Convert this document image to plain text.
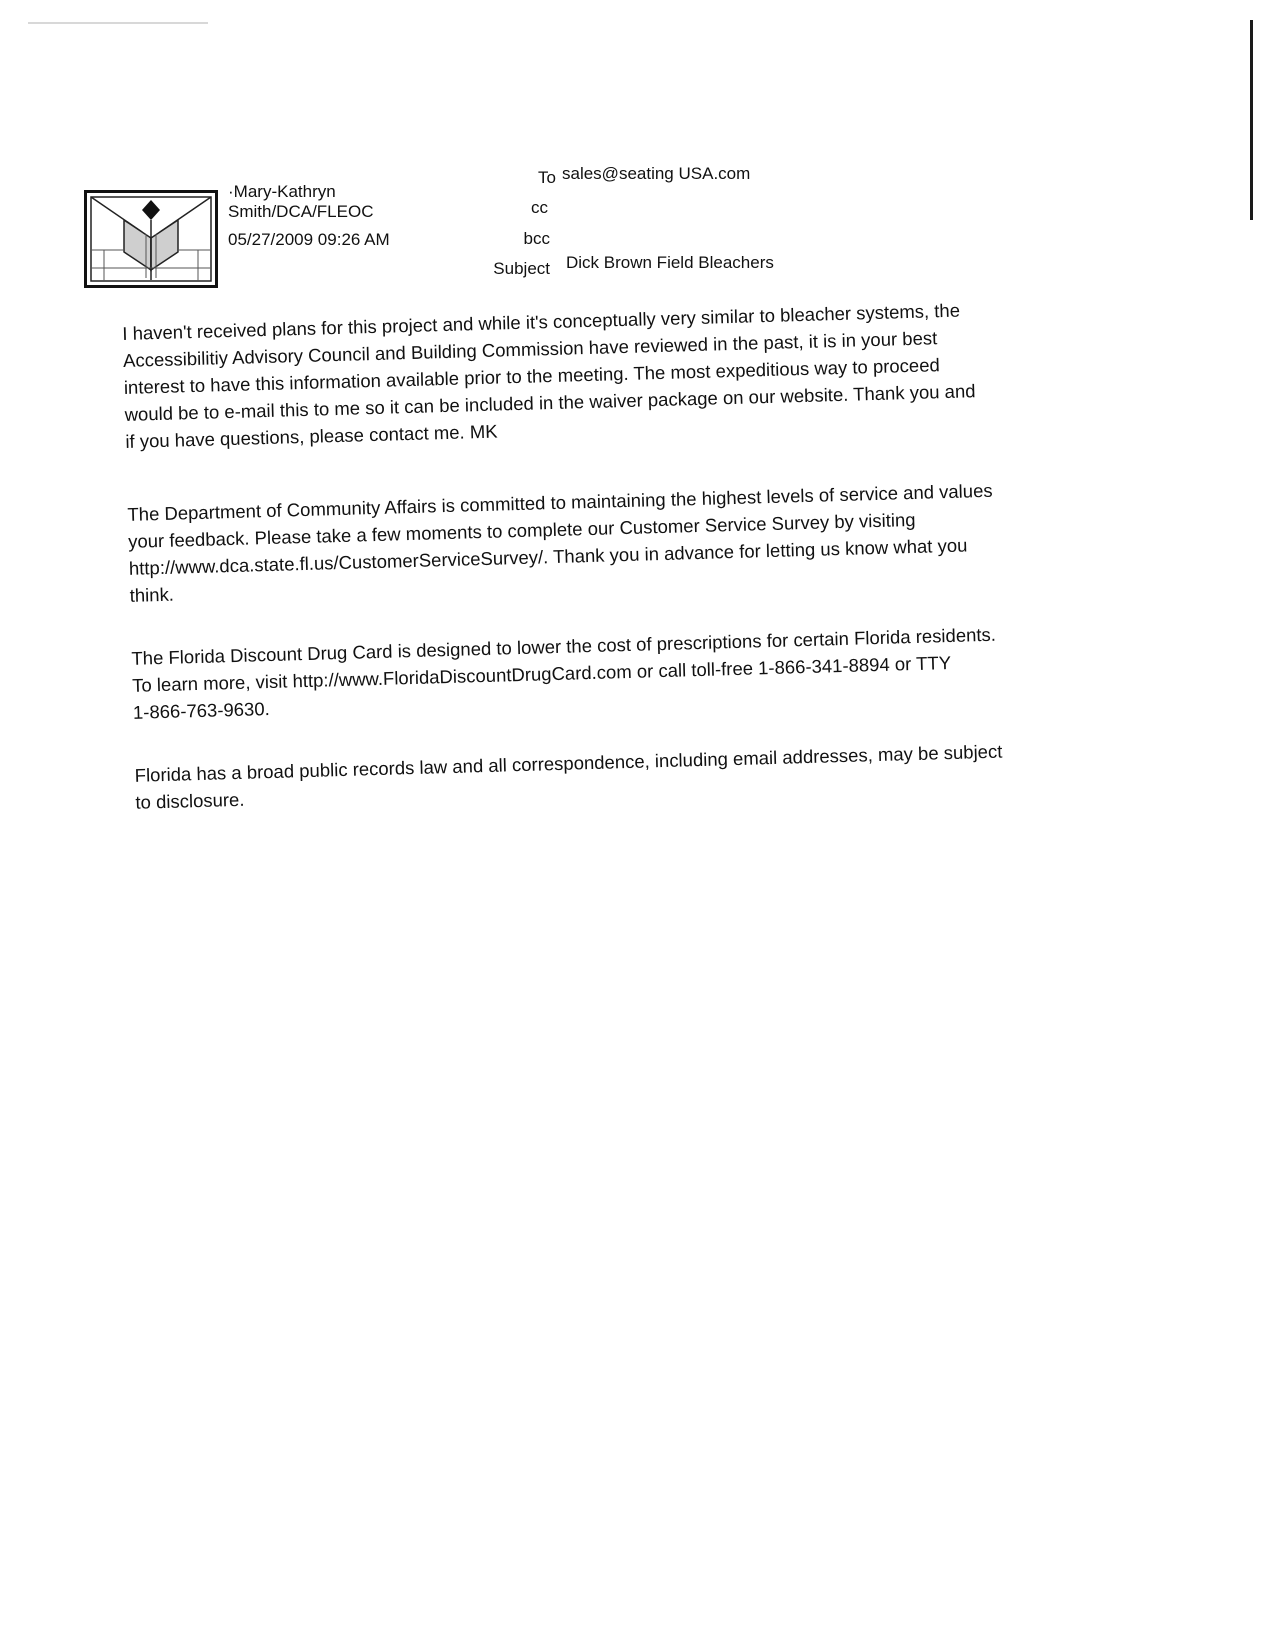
·Mary-Kathryn Smith/DCA/FLEOC
05/27/2009 09:26 AM
To sales@seating USA.com
cc
bcc
Subject Dick Brown Field Bleachers

I haven't received plans for this project and while it's conceptually very similar to bleacher systems, the
Accessibilitiy Advisory Council and Building Commission have reviewed in the past, it is in your best
interest to have this information available prior to the meeting. The most expeditious way to proceed
would be to e-mail this to me so it can be included in the waiver package on our website. Thank you and
if you have questions, please contact me. MK

The Department of Community Affairs is committed to maintaining the highest levels of service and values
your feedback. Please take a few moments to complete our Customer Service Survey by visiting
http://www.dca.state.fl.us/CustomerServiceSurvey/. Thank you in advance for letting us know what you
think.

The Florida Discount Drug Card is designed to lower the cost of prescriptions for certain Florida residents.
To learn more, visit http://www.FloridaDiscountDrugCard.com or call toll-free 1-866-341-8894 or TTY
1-866-763-9630.

Florida has a broad public records law and all correspondence, including email addresses, may be subject
to disclosure.
